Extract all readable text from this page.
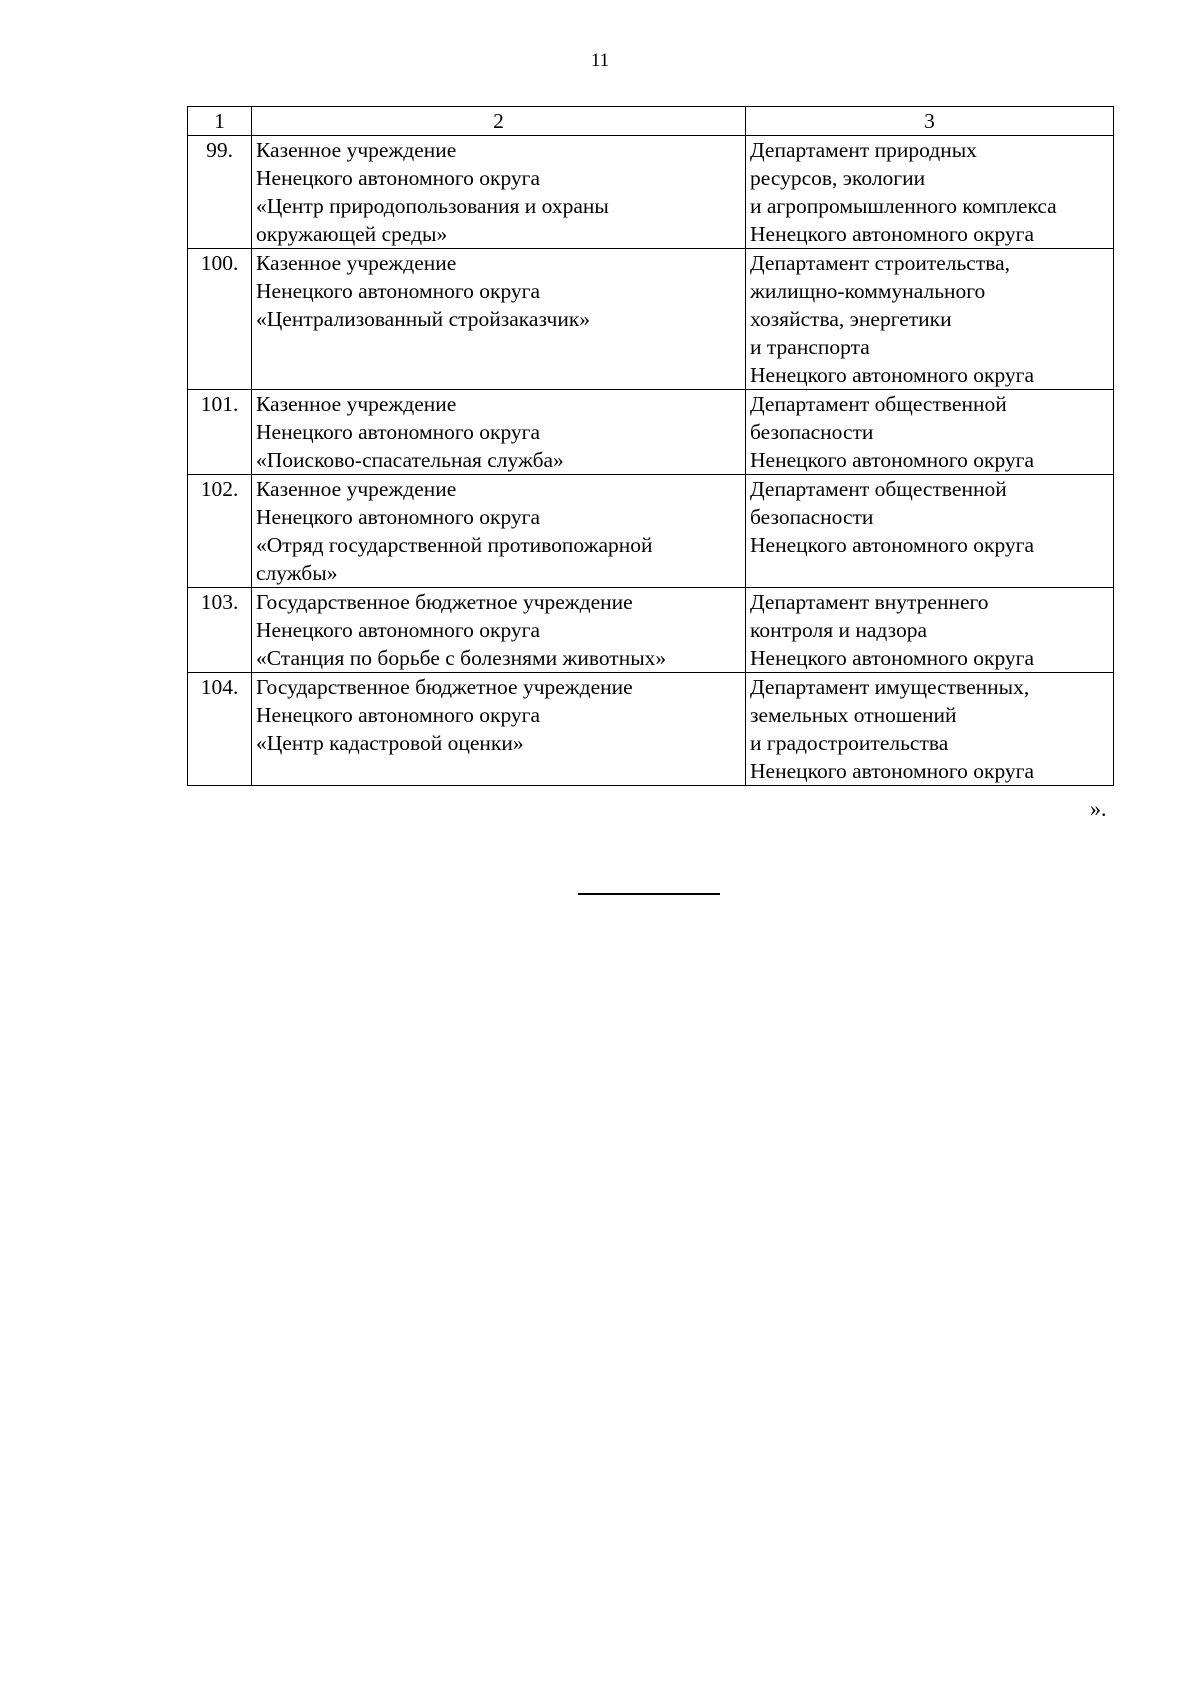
11
1	2	3
99.	Казенное учреждение
Ненецкого автономного округа
«Центр природопользования и охраны
окружающей среды»	Департамент природных
ресурсов, экологии
и агропромышленного комплекса
Ненецкого автономного округа

100.	Казенное учреждение
Ненецкого автономного округа
«Централизованный стройзаказчик»	Департамент строительства,
жилищно-коммунального
хозяйства, энергетики
и транспорта
Ненецкого автономного округа

101.	Казенное учреждение
Ненецкого автономного округа
«Поисково-спасательная служба»	Департамент общественной
безопасности
Ненецкого автономного округа

102.	Казенное учреждение
Ненецкого автономного округа
«Отряд государственной противопожарной
службы»	Департамент общественной
безопасности
Ненецкого автономного округа

103.	Государственное бюджетное учреждение
Ненецкого автономного округа
«Станция по борьбе с болезнями животных»	Департамент внутреннего
контроля и надзора
Ненецкого автономного округа

104.	Государственное бюджетное учреждение
Ненецкого автономного округа
«Центр кадастровой оценки»	Департамент имущественных,
земельных отношений
и градостроительства
Ненецкого автономного округа
».
